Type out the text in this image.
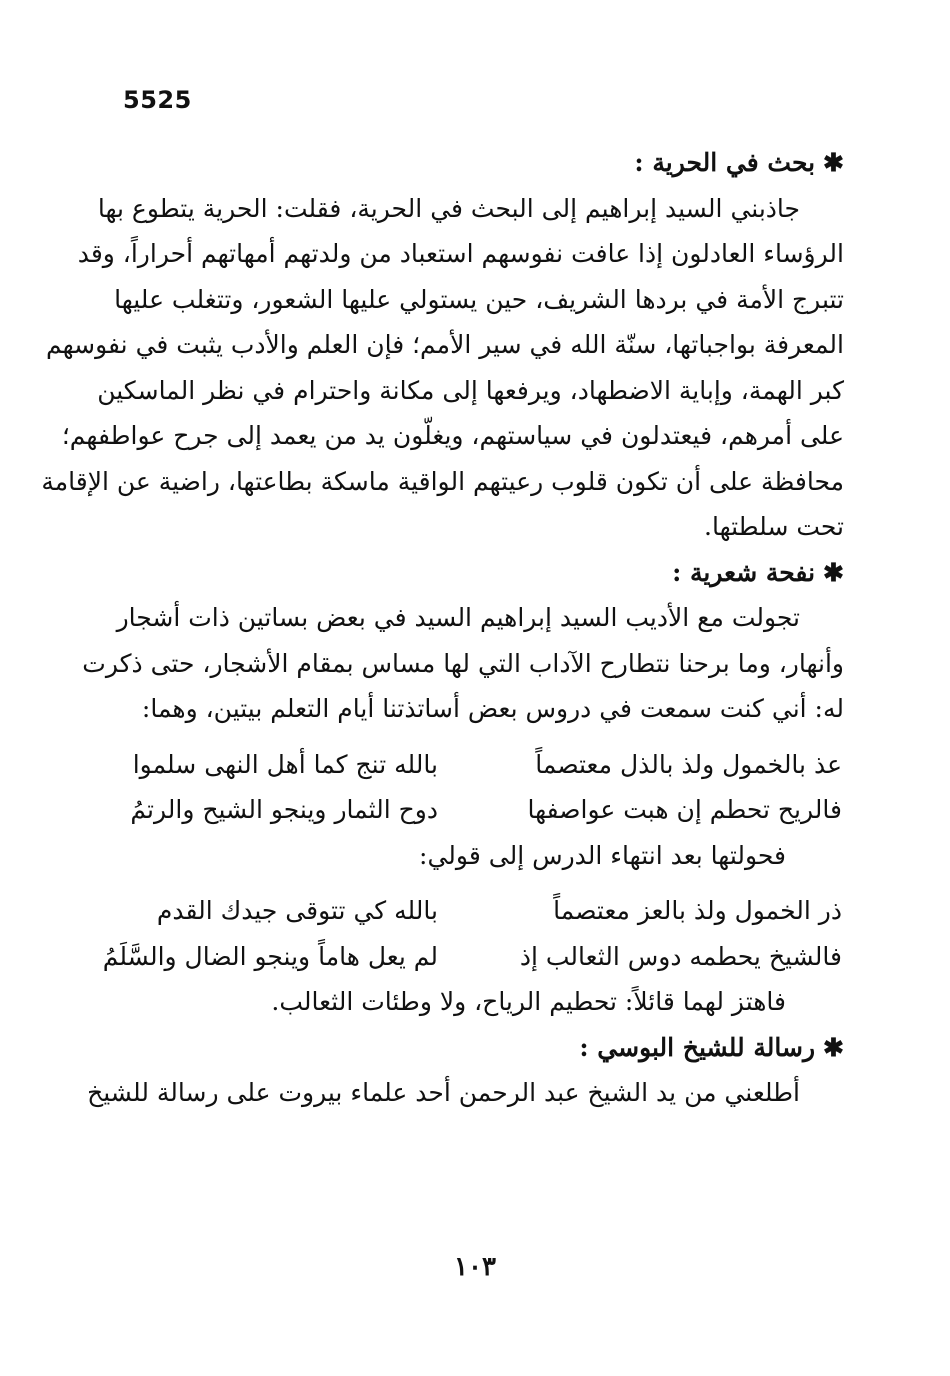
5525

✱بحث في الحرية :

جاذبني السيد إبراهيم إلى البحث في الحرية، فقلت: الحرية يتطوع بها
الرؤساء العادلون إذا عافت نفوسهم استعباد من ولدتهم أمهاتهم أحراراً، وقد
تتبرج الأمة في بردها الشريف، حين يستولي عليها الشعور، وتتغلب عليها
المعرفة بواجباتها، سنّة الله في سير الأمم؛ فإن العلم والأدب يثبت في نفوسهم
كبر الهمة، وإباية الاضطهاد، ويرفعها إلى مكانة واحترام في نظر الماسكين
على أمرهم، فيعتدلون في سياستهم، ويغلّون يد من يعمد إلى جرح عواطفهم؛
محافظة على أن تكون قلوب رعيتهم الواقية ماسكة بطاعتها، راضية عن الإقامة
تحت سلطتها.

✱نفحة شعرية :

تجولت مع الأديب السيد إبراهيم السيد في بعض بساتين ذات أشجار
وأنهار، وما برحنا نتطارح الآداب التي لها مساس بمقام الأشجار، حتى ذكرت
له: أني كنت سمعت في دروس بعض أساتذتنا أيام التعلم بيتين، وهما:

عذ بالخمول ولذ بالذل معتصماً
بالله تنج كما أهل النهى سلموا

فالريح تحطم إن هبت عواصفها
دوح الثمار وينجو الشيح والرتمُ

فحولتها بعد انتهاء الدرس إلى قولي:

ذر الخمول ولذ بالعز معتصماً
بالله كي تتوقى جيدك القدم

فالشيخ يحطمه دوس الثعالب إذ
لم يعل هاماً وينجو الضال والسَّلَمُ

فاهتز لهما قائلاً: تحطيم الرياح، ولا وطئات الثعالب.

✱رسالة للشيخ البوسي :

أطلعني من يد الشيخ عبد الرحمن أحد علماء بيروت على رسالة للشيخ
١٠٣
